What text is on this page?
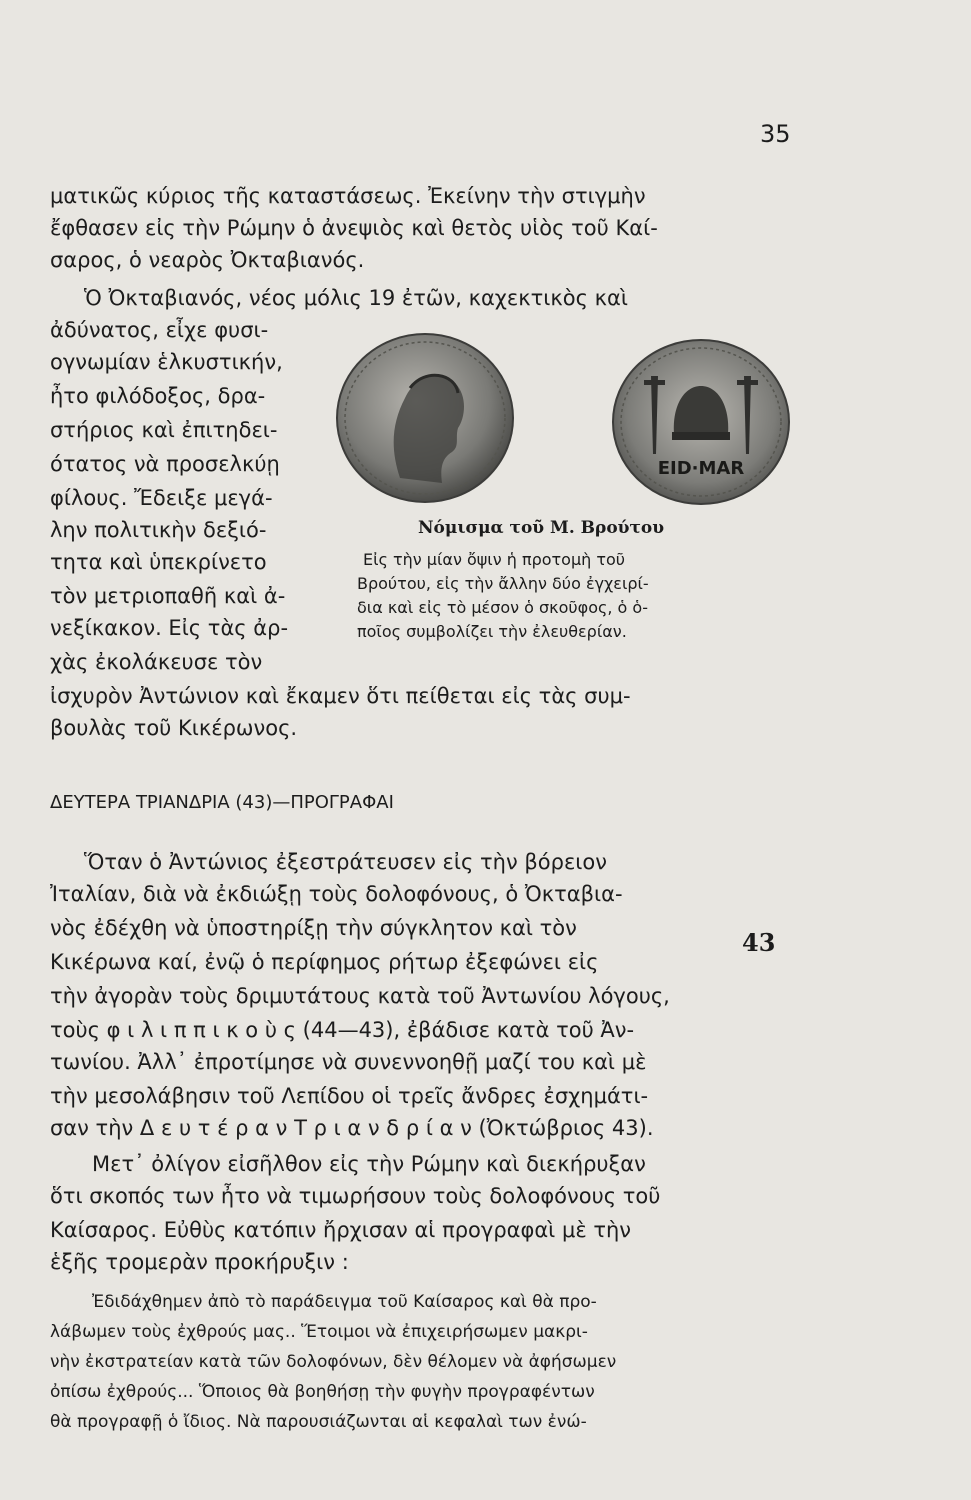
35
ματικῶς κύριος τῆς καταστάσεως. Ἐκείνην τὴν στιγμὴν
ἔφθασεν εἰς τὴν Ρώμην ὁ ἀνεψιὸς καὶ θετὸς υἱὸς τοῦ Καί-
σαρος, ὁ νεαρὸς Ὀκταβιανός.
Ὁ Ὀκταβιανός, νέος μόλις 19 ἐτῶν, καχεκτικὸς καὶ
ἀδύνατος, εἶχε φυσι-
ογνωμίαν ἑλκυστικήν,
ἦτο φιλόδοξος, δρα-
στήριος καὶ ἐπιτηδει-
ότατος νὰ προσελκύῃ
φίλους. Ἔδειξε μεγά-
λην πολιτικὴν δεξιό-
τητα καὶ ὑπεκρίνετο
τὸν μετριοπαθῆ καὶ ἀ-
νεξίκακον. Εἰς τὰς ἀρ-
χὰς ἐκολάκευσε τὸν
ἰσχυρὸν Ἀντώνιον καὶ ἔκαμεν ὅτι πείθεται εἰς τὰς συμ-
βουλὰς τοῦ Κικέρωνος.
EID·MAR
Νόμισμα τοῦ Μ. Βρούτου
Εἰς τὴν μίαν ὄψιν ἡ προτομὴ τοῦ
Βρούτου, εἰς τὴν ἄλλην δύο ἐγχειρί-
δια καὶ εἰς τὸ μέσον ὁ σκοῦφος, ὁ ὁ-
ποῖος συμβολίζει τὴν ἐλευθερίαν.
ΔΕΥΤΕΡΑ ΤΡΙΑΝΔΡΙΑ (43)—ΠΡΟΓΡΑΦΑΙ
Ὅταν ὁ Ἀντώνιος ἐξεστράτευσεν εἰς τὴν βόρειον
Ἰταλίαν, διὰ νὰ ἐκδιώξῃ τοὺς δολοφόνους, ὁ Ὀκταβια-
νὸς ἐδέχθη νὰ ὑποστηρίξῃ τὴν σύγκλητον καὶ τὸν
Κικέρωνα καί, ἐνῷ ὁ περίφημος ρήτωρ ἐξεφώνει εἰς
τὴν ἀγορὰν τοὺς δριμυτάτους κατὰ τοῦ Ἀντωνίου λόγους,
τοὺς φ ι λ ι π π ι κ ο ὺ ς (44—43), ἐβάδισε κατὰ τοῦ Ἀν-
τωνίου. Ἀλλ᾽ ἐπροτίμησε νὰ συνεννοηθῇ μαζί του καὶ μὲ
τὴν μεσολάβησιν τοῦ Λεπίδου οἱ τρεῖς ἄνδρες ἐσχημάτι-
σαν τὴν Δ ε υ τ έ ρ α ν Τ ρ ι α ν δ ρ ί α ν (Ὀκτώβριος 43).
43
Μετ᾽ ὀλίγον εἰσῆλθον εἰς τὴν Ρώμην καὶ διεκήρυξαν
ὅτι σκοπός των ἦτο νὰ τιμωρήσουν τοὺς δολοφόνους τοῦ
Καίσαρος. Εὐθὺς κατόπιν ἤρχισαν αἱ προγραφαὶ μὲ τὴν
ἑξῆς τρομερὰν προκήρυξιν :
Ἐδιδάχθημεν ἀπὸ τὸ παράδειγμα τοῦ Καίσαρος καὶ θὰ προ-
λάβωμεν τοὺς ἐχθρούς μας.. Ἕτοιμοι νὰ ἐπιχειρήσωμεν μακρι-
νὴν ἐκστρατείαν κατὰ τῶν δολοφόνων, δὲν θέλομεν νὰ ἀφήσωμεν
ὀπίσω ἐχθρούς... Ὅποιος θὰ βοηθήσῃ τὴν φυγὴν προγραφέντων
θὰ προγραφῇ ὁ ἴδιος. Νὰ παρουσιάζωνται αἱ κεφαλαὶ των ἐνώ-
